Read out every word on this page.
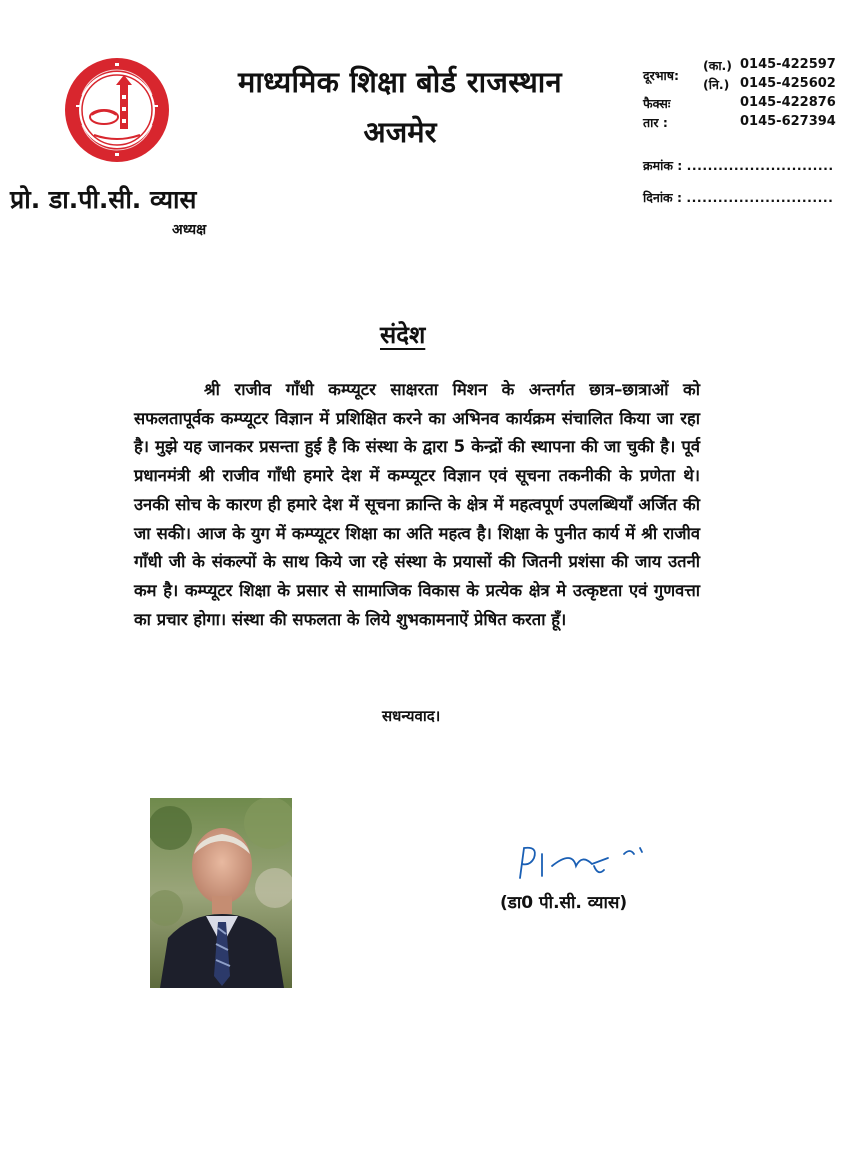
माध्यमिक शिक्षा बोर्ड राजस्थान
अजमेर
(का.) 0145-422597
दूरभाष:
(नि.) 0145-425602
फैक्सः	0145-422876
तार :	0145-627394
क्रमांक : ............................
दिनांक : ............................
प्रो. डा.पी.सी. व्यास
अध्यक्ष
संदेश

श्री राजीव गाँधी कम्प्यूटर साक्षरता मिशन के अन्तर्गत छात्र–छात्राओं को सफलतापूर्वक कम्प्यूटर विज्ञान में प्रशिक्षित करने का अभिनव कार्यक्रम संचालित किया जा रहा है। मुझे यह जानकर प्रसन्ता हुई है कि संस्था के द्वारा 5 केन्द्रों की स्थापना की जा चुकी है। पूर्व प्रधानमंत्री श्री राजीव गाँधी हमारे देश में कम्प्यूटर विज्ञान एवं सूचना तकनीकी के प्रणेता थे। उनकी सोच के कारण ही हमारे देश में सूचना क्रान्ति के क्षेत्र में महत्वपूर्ण उपलब्धियाँ अर्जित की जा सकी। आज के युग में कम्प्यूटर शिक्षा का अति महत्व है। शिक्षा के पुनीत कार्य में श्री राजीव गाँधी जी के संकल्पों के साथ किये जा रहे संस्था के प्रयासों की जितनी प्रशंसा की जाय उतनी कम है। कम्प्यूटर शिक्षा के प्रसार से सामाजिक विकास के प्रत्येक क्षेत्र मे उत्कृष्टता एवं गुणवत्ता का प्रचार होगा। संस्था की सफलता के लिये शुभकामनाऐं प्रेषित करता हूँ।

सधन्यवाद।
(डा0 पी.सी. व्यास)
